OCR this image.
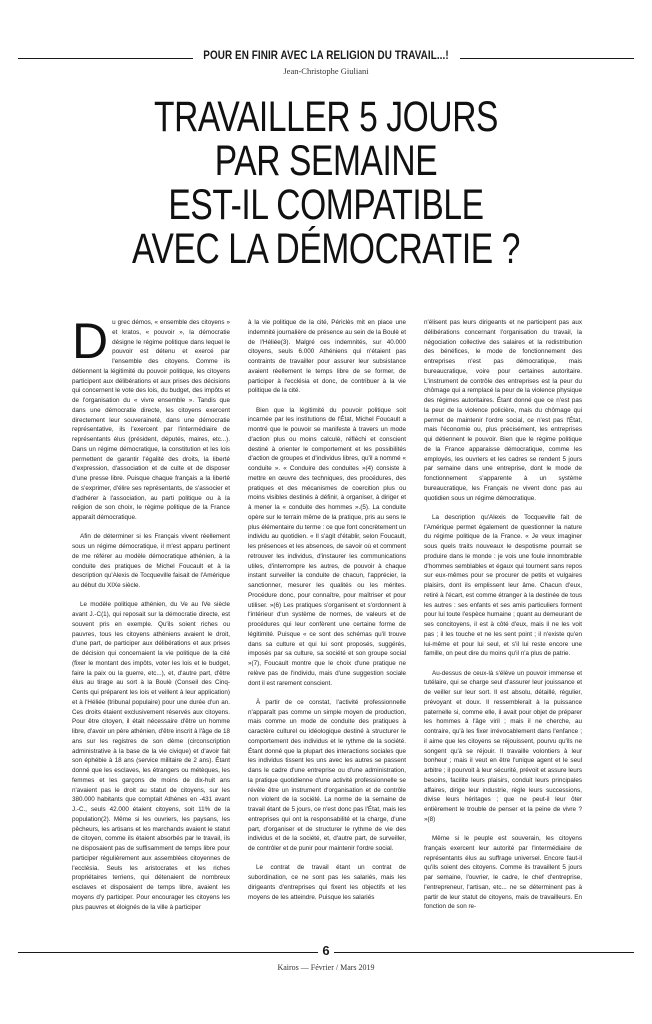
POUR EN FINIR AVEC LA RELIGION DU TRAVAIL...!
Jean-Christophe Giuliani
TRAVAILLER 5 JOURS
PAR SEMAINE
EST-IL COMPATIBLE
AVEC LA DÉMOCRATIE ?

Du grec démos, « ensemble des citoyens » et kratos, « pouvoir », la démocratie désigne le régime politique dans lequel le pouvoir est détenu et exercé par l'ensemble des citoyens. Comme ils détiennent la légitimité du pouvoir politique, les citoyens participent aux délibérations et aux prises des décisions qui concernent le vote des lois, du budget, des impôts et de l'organisation du « vivre ensemble ». Tandis que dans une démocratie directe, les citoyens exercent directement leur souveraineté, dans une démocratie représentative, ils l'exercent par l'intermédiaire de représentants élus (président, députés, maires, etc...). Dans un régime démocratique, la constitution et les lois permettent de garantir l'égalité des droits, la liberté d'expression, d'association et de culte et de disposer d'une presse libre. Puisque chaque français a la liberté de s'exprimer, d'élire ses représentants, de s'associer et d'adhérer à l'association, au parti politique ou à la religion de son choix, le régime politique de la France apparaît démocratique.

Afin de déterminer si les Français vivent réellement sous un régime démocratique, il m'est apparu pertinent de me référer au modèle démocratique athénien, à la conduite des pratiques de Michel Foucault et à la description qu'Alexis de Tocqueville faisait de l'Amérique au début du XIXe siècle.

Le modèle politique athénien, du Ve au IVe siècle avant J.-C(1), qui reposait sur la démocratie directe, est souvent pris en exemple. Qu'ils soient riches ou pauvres, tous les citoyens athéniens avaient le droit, d'une part, de participer aux délibérations et aux prises de décision qui concernaient la vie politique de la cité (fixer le montant des impôts, voter les lois et le budget, faire la paix ou la guerre, etc...), et, d'autre part, d'être élus au tirage au sort à la Boulè (Conseil des Cinq-Cents qui préparent les lois et veillent à leur application) et à l'Héliée (tribunal populaire) pour une durée d'un an. Ces droits étaient exclusivement réservés aux citoyens. Pour être citoyen, il était nécessaire d'être un homme libre, d'avoir un père athénien, d'être inscrit à l'âge de 18 ans sur les registres de son dème (circonscription administrative à la base de la vie civique) et d'avoir fait son éphébie à 18 ans (service militaire de 2 ans). Étant donné que les esclaves, les étrangers ou métèques, les femmes et les garçons de moins de dix-huit ans n'avaient pas le droit au statut de citoyens, sur les 380.000 habitants que comptait Athènes en -431 avant J.-C., seuls 42.000 étaient citoyens, soit 11% de la population(2). Même si les ouvriers, les paysans, les pêcheurs, les artisans et les marchands avaient le statut de citoyen, comme ils étaient absorbés par le travail, ils ne disposaient pas de suffisamment de temps libre pour participer régulièrement aux assemblées citoyennes de l'ecclésia. Seuls les aristocrates et les riches propriétaires terriens, qui détenaient de nombreux esclaves et disposaient de temps libre, avaient les moyens d'y participer. Pour encourager les citoyens les plus pauvres et éloignés de la ville à participer

à la vie politique de la cité, Périclès mit en place une indemnité journalière de présence au sein de la Boulè et de l'Héliée(3). Malgré ces indemnités, sur 40.000 citoyens, seuls 6.000 Athéniens qui n'étaient pas contraints de travailler pour assurer leur subsistance avaient réellement le temps libre de se former, de participer à l'ecclésia et donc, de contribuer à la vie politique de la cité.

Bien que la légitimité du pouvoir politique soit incarnée par les institutions de l'État, Michel Foucault a montré que le pouvoir se manifeste à travers un mode d'action plus ou moins calculé, réfléchi et conscient destiné à orienter le comportement et les possibilités d'action de groupes et d'individus libres, qu'il a nommé « conduite ». « Conduire des conduites »(4) consiste à mettre en œuvre des techniques, des procédures, des pratiques et des mécanismes de coercition plus ou moins visibles destinés à définir, à organiser, à diriger et à mener la « conduite des hommes ».(5). La conduite opère sur le terrain même de la pratique, pris au sens le plus élémentaire du terme : ce que font concrètement un individu au quotidien. « Il s'agit d'établir, selon Foucault, les présences et les absences, de savoir où et comment retrouver les individus, d'instaurer les communications utiles, d'interrompre les autres, de pouvoir à chaque instant surveiller la conduite de chacun, l'apprécier, la sanctionner, mesurer les qualités ou les mérites. Procédure donc, pour connaître, pour maîtriser et pour utiliser. »(6) Les pratiques s'organisent et s'ordonnent à l'intérieur d'un système de normes, de valeurs et de procédures qui leur confèrent une certaine forme de légitimité. Puisque « ce sont des schémas qu'il trouve dans sa culture et qui lui sont proposés, suggérés, imposés par sa culture, sa société et son groupe social »(7), Foucault montre que le choix d'une pratique ne relève pas de l'individu, mais d'une suggestion sociale dont il est rarement conscient.

À partir de ce constat, l'activité professionnelle n'apparaît pas comme un simple moyen de production, mais comme un mode de conduite des pratiques à caractère culturel ou idéologique destiné à structurer le comportement des individus et le rythme de la société. Étant donné que la plupart des interactions sociales que les individus tissent les uns avec les autres se passent dans le cadre d'une entreprise ou d'une administration, la pratique quotidienne d'une activité professionnelle se révèle être un instrument d'organisation et de contrôle non violent de la société. La norme de la semaine de travail étant de 5 jours, ce n'est donc pas l'État, mais les entreprises qui ont la responsabilité et la charge, d'une part, d'organiser et de structurer le rythme de vie des individus et de la société, et, d'autre part, de surveiller, de contrôler et de punir pour maintenir l'ordre social.

Le contrat de travail étant un contrat de subordination, ce ne sont pas les salariés, mais les dirigeants d'entreprises qui fixent les objectifs et les moyens de les atteindre. Puisque les salariés

n'élisent pas leurs dirigeants et ne participent pas aux délibérations concernant l'organisation du travail, la négociation collective des salaires et la redistribution des bénéfices, le mode de fonctionnement des entreprises n'est pas démocratique, mais bureaucratique, voire pour certaines autoritaire. L'instrument de contrôle des entreprises est la peur du chômage qui a remplacé la peur de la violence physique des régimes autoritaires. Étant donné que ce n'est pas la peur de la violence policière, mais du chômage qui permet de maintenir l'ordre social, ce n'est pas l'État, mais l'économie ou, plus précisément, les entreprises qui détiennent le pouvoir. Bien que le régime politique de la France apparaisse démocratique, comme les employés, les ouvriers et les cadres se rendent 5 jours par semaine dans une entreprise, dont le mode de fonctionnement s'apparente à un système bureaucratique, les Français ne vivent donc pas au quotidien sous un régime démocratique.

La description qu'Alexis de Tocqueville fait de l'Amérique permet également de questionner la nature du régime politique de la France. « Je veux imaginer sous quels traits nouveaux le despotisme pourrait se produire dans le monde : je vois une foule innombrable d'hommes semblables et égaux qui tournent sans repos sur eux-mêmes pour se procurer de petits et vulgaires plaisirs, dont ils emplissent leur âme. Chacun d'eux, retiré à l'écart, est comme étranger à la destinée de tous les autres : ses enfants et ses amis particuliers forment pour lui toute l'espèce humaine ; quant au demeurant de ses concitoyens, il est à côté d'eux, mais il ne les voit pas ; il les touche et ne les sent point ; il n'existe qu'en lui-même et pour lui seul, et s'il lui reste encore une famille, on peut dire du moins qu'il n'a plus de patrie.

Au-dessus de ceux-là s'élève un pouvoir immense et tutélaire, qui se charge seul d'assurer leur jouissance et de veiller sur leur sort. Il est absolu, détaillé, régulier, prévoyant et doux. Il ressemblerait à la puissance paternelle si, comme elle, il avait pour objet de préparer les hommes à l'âge viril ; mais il ne cherche, au contraire, qu'à les fixer irrévocablement dans l'enfance ; il aime que les citoyens se réjouissent, pourvu qu'ils ne songent qu'à se réjouir. Il travaille volontiers à leur bonheur ; mais il veut en être l'unique agent et le seul arbitre ; il pourvoit à leur sécurité, prévoit et assure leurs besoins, facilite leurs plaisirs, conduit leurs principales affaires, dirige leur industrie, règle leurs successions, divise leurs héritages ; que ne peut-il leur ôter entièrement le trouble de penser et la peine de vivre ? »(8)

Même si le peuple est souverain, les citoyens français exercent leur autorité par l'intermédiaire de représentants élus au suffrage universel. Encore faut-il qu'ils soient des citoyens. Comme ils travaillent 5 jours par semaine, l'ouvrier, le cadre, le chef d'entreprise, l'entrepreneur, l'artisan, etc... ne se déterminent pas à partir de leur statut de citoyens, mais de travailleurs. En fonction de son re-

6
Kairos — Février / Mars 2019
